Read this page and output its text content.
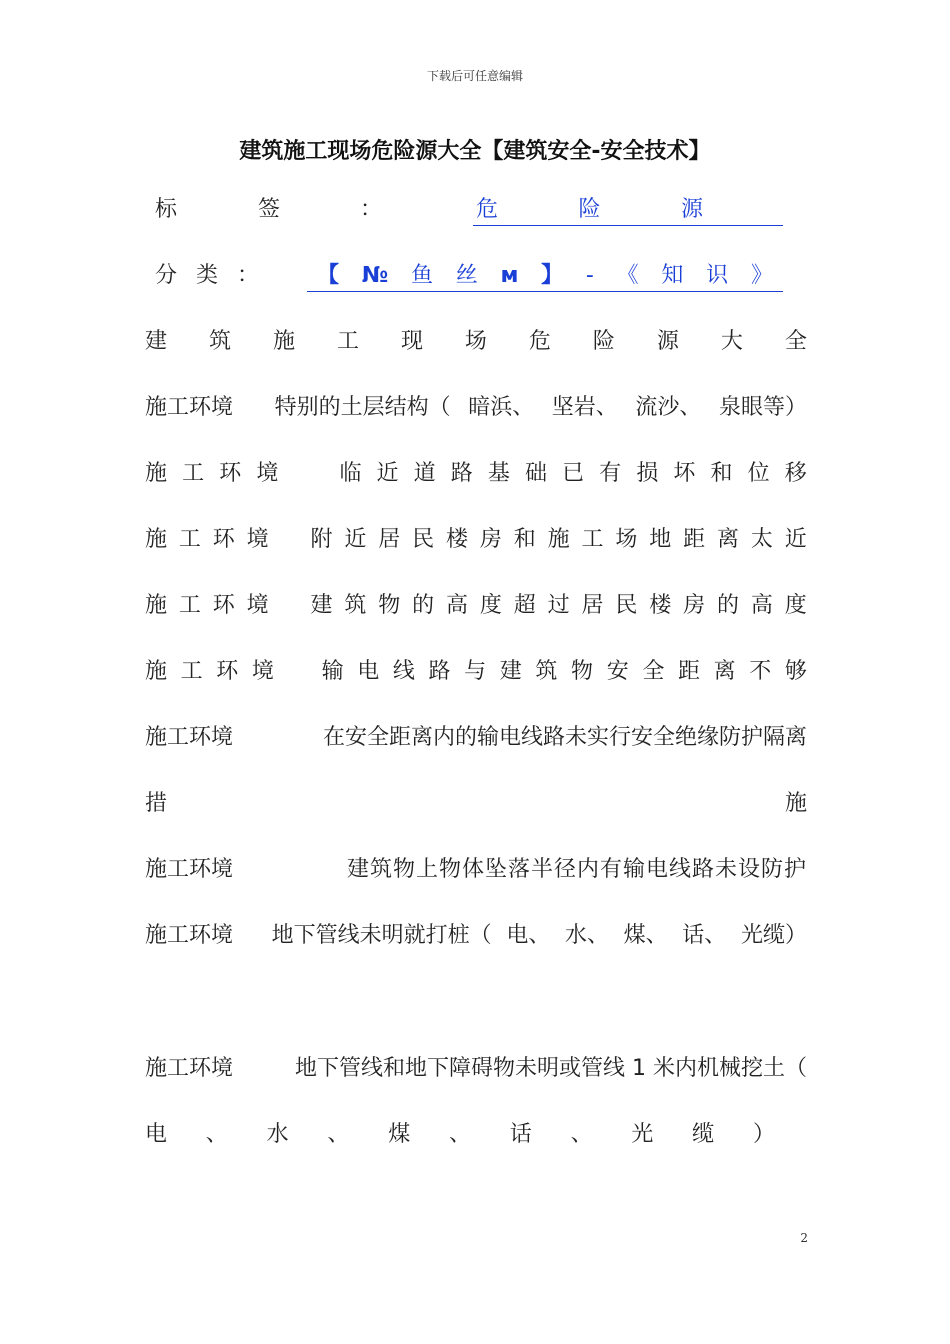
下载后可任意编辑
建筑施工现场危险源大全【建筑安全-安全技术】
标	签	：	危	险	源
分 类 ： 【 № 鱼 丝 м 】 - 《 知 识 》
建 筑 施 工 现 场 危 险 源 大 全
施工环境 特别的土层结构（ 暗浜、 坚岩、 流沙、 泉眼等）
施 工 环 境	临 近 道 路 基 础 已 有 损 坏 和 位 移
施 工 环 境 附 近 居 民 楼 房 和 施 工 场 地 距 离 太 近
施 工 环 境 建 筑 物 的 高 度 超 过 居 民 楼 房 的 高 度
施 工 环 境 输 电 线 路 与 建 筑 物 安 全 距 离 不 够
施工环境	在安全距离内的输电线路未实行安全绝缘防护隔离
措	施
施工环境	建筑物上物体坠落半径内有输电线路未设防护
施工环境 地下管线未明就打桩（ 电、 水、 煤、 话、 光缆）
施工环境	地下管线和地下障碍物未明或管线 1 米内机械挖土（
电 、 水 、 煤 、 话 、 光 缆 ）
2
